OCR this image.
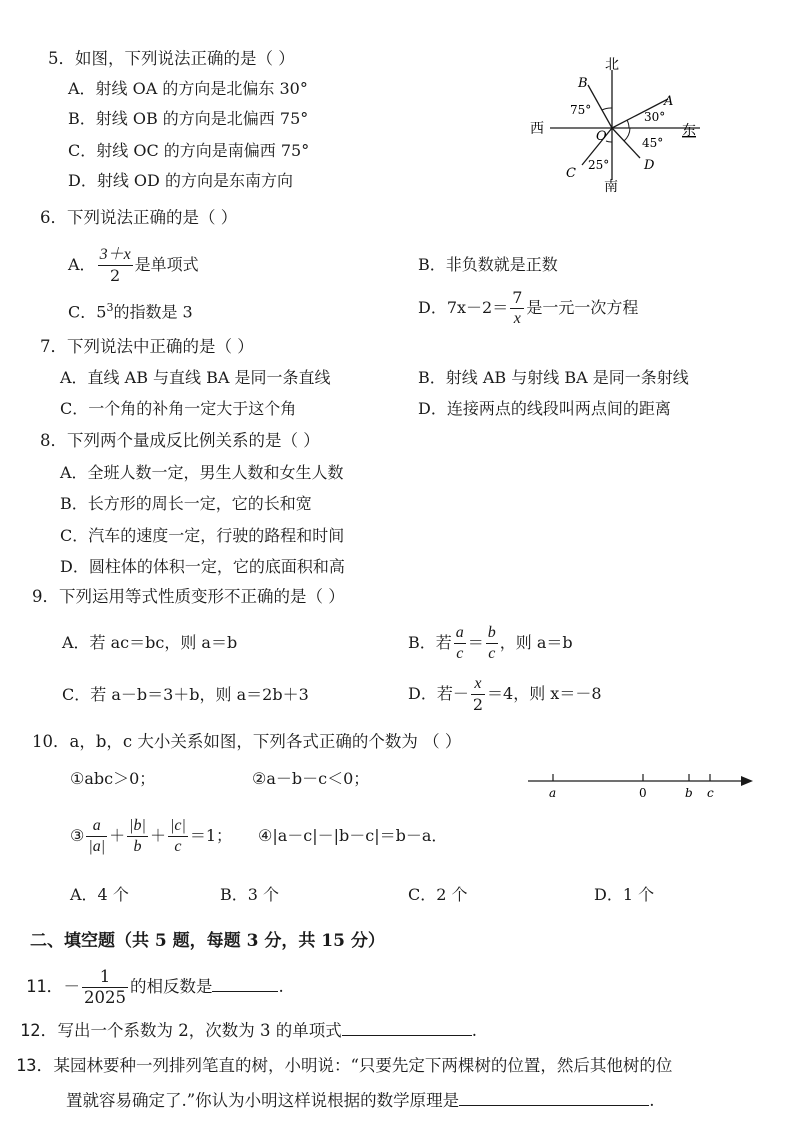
5．如图，下列说法正确的是（ ）
A．射线 OA 的方向是北偏东 30°
B．射线 OB 的方向是北偏西 75°
C．射线 OC 的方向是南偏西 75°
D．射线 OD 的方向是东南方向
北
南
西	东
O
A
B
C
D
75°	30°
45°
25°
6．下列说法正确的是（ ）
A． $\frac{3+x}{2}$ 是单项式	B．非负数就是正数
C．$5^3$的指数是 3	D．$7x-2= \frac{7}{x}$ 是一元一次方程
7．下列说法中正确的是（ ）
A．直线 AB 与直线 BA 是同一条直线	B．射线 AB 与射线 BA 是同一条射线
C．一个角的补角一定大于这个角	D．连接两点的线段叫两点间的距离
8．下列两个量成反比例关系的是（ ）
A．全班人数一定，男生人数和女生人数
B．长方形的周长一定，它的长和宽
C．汽车的速度一定，行驶的路程和时间
D．圆柱体的体积一定，它的底面积和高
9．下列运用等式性质变形不正确的是（ ）
A．若 ac＝bc，则 a＝b	B．若 $\frac{a}{c} = \frac{b}{c}$ ，则 a＝b
C．若 a－b＝3＋b，则 a＝2b＋3	D．若－ $\frac{x}{2} =4$，则 x＝－8
10．a，b，c 大小关系如图，下列各式正确的个数为 （ ）
①abc＞0；	②a－b－c＜0；
a	0	b c
③ $\frac{a}{|a|} + \frac{|b|}{b} + \frac{|c|}{c} =1$； ④|a－c|－|b－c|＝b－a．
A．4 个	B．3 个	C．2 个	D．1 个
二、填空题（共 5 题，每题 3 分，共 15 分）
11．－ $\frac{1}{2025}$ 的相反数是	.
12．写出一个系数为 2，次数为 3 的单项式	.
13．某园林要种一列排列笔直的树，小明说：“只要先定下两棵树的位置，然后其他树的位
置就容易确定了.”你认为小明这样说根据的数学原理是	.
